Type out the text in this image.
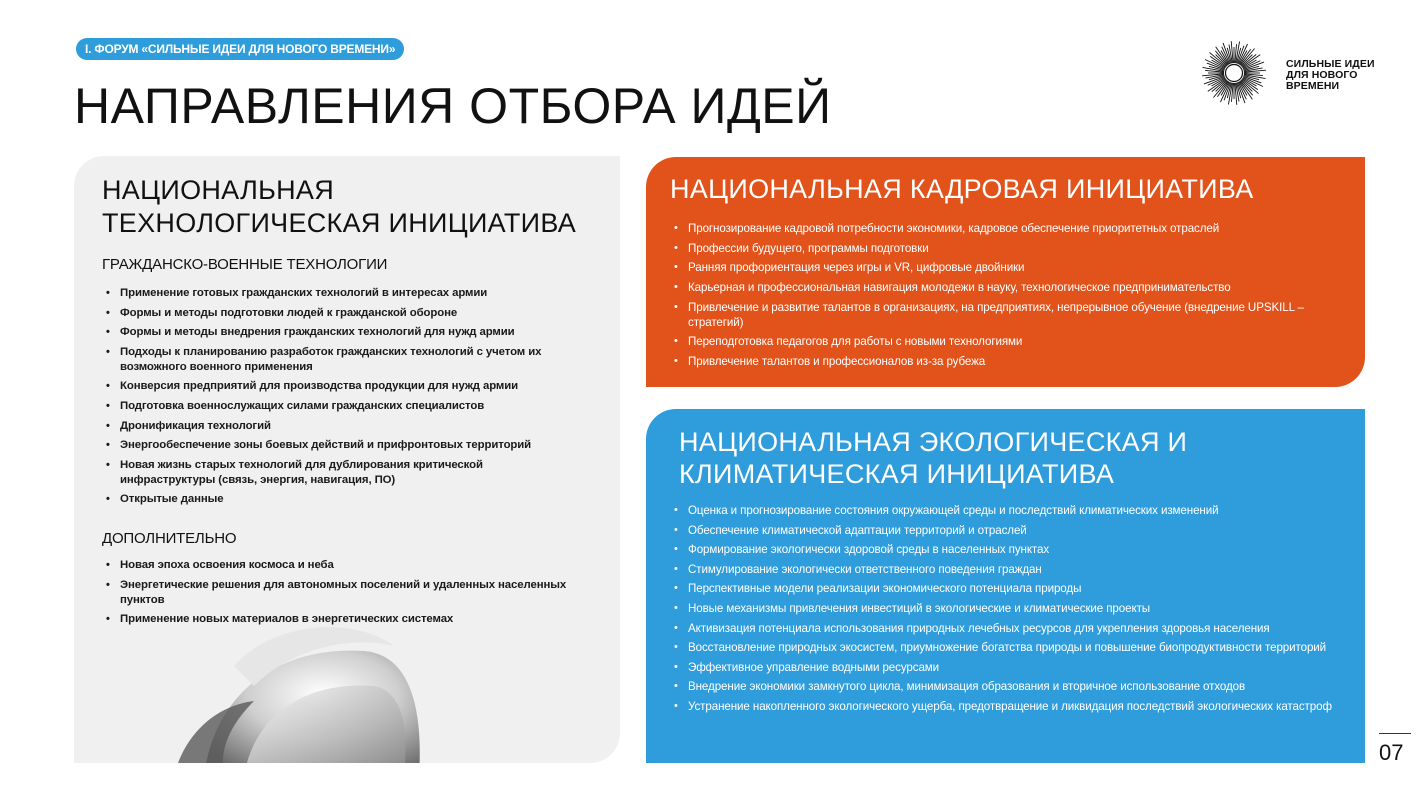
I. ФОРУМ «СИЛЬНЫЕ ИДЕИ ДЛЯ НОВОГО ВРЕМЕНИ»
НАПРАВЛЕНИЯ ОТБОРА ИДЕЙ
СИЛЬНЫЕ ИДЕИ
ДЛЯ НОВОГО
ВРЕМЕНИ
НАЦИОНАЛЬНАЯ ТЕХНОЛОГИЧЕСКАЯ ИНИЦИАТИВА
ГРАЖДАНСКО-ВОЕННЫЕ ТЕХНОЛОГИИ
• Применение готовых гражданских технологий в интересах армии
• Формы и методы подготовки людей к гражданской обороне
• Формы и методы внедрения гражданских технологий для нужд армии
• Подходы к планированию разработок гражданских технологий с учетом их возможного военного применения
• Конверсия предприятий для производства продукции для нужд армии
• Подготовка военнослужащих силами гражданских специалистов
• Дронификация технологий
• Энергообеспечение зоны боевых действий и прифронтовых территорий
• Новая жизнь старых технологий для дублирования критической инфраструктуры (связь, энергия, навигация, ПО)
• Открытые данные
ДОПОЛНИТЕЛЬНО
• Новая эпоха освоения космоса и неба
• Энергетические решения для автономных поселений и удаленных населенных пунктов
• Применение новых материалов в энергетических системах
НАЦИОНАЛЬНАЯ КАДРОВАЯ ИНИЦИАТИВА
• Прогнозирование кадровой потребности экономики, кадровое обеспечение приоритетных отраслей
• Профессии будущего, программы подготовки
• Ранняя профориентация через игры и VR, цифровые двойники
• Карьерная и профессиональная навигация молодежи в науку, технологическое предпринимательство
• Привлечение и развитие талантов в организациях, на предприятиях, непрерывное обучение (внедрение UPSKILL – стратегий)
• Переподготовка педагогов для работы с новыми технологиями
• Привлечение талантов и профессионалов из-за рубежа
НАЦИОНАЛЬНАЯ ЭКОЛОГИЧЕСКАЯ И КЛИМАТИЧЕСКАЯ ИНИЦИАТИВА
• Оценка и прогнозирование состояния окружающей среды и последствий климатических изменений
• Обеспечение климатической адаптации территорий и отраслей
• Формирование экологически здоровой среды в населенных пунктах
• Стимулирование экологически ответственного поведения граждан
• Перспективные модели реализации экономического потенциала природы
• Новые механизмы привлечения инвестиций в экологические и климатические проекты
• Активизация потенциала использования природных лечебных ресурсов для укрепления здоровья населения
• Восстановление природных экосистем, приумножение богатства природы и повышение биопродуктивности территорий
• Эффективное управление водными ресурсами
• Внедрение экономики замкнутого цикла, минимизация образования и вторичное использование отходов
• Устранение накопленного экологического ущерба, предотвращение и ликвидация последствий экологических катастроф
07
